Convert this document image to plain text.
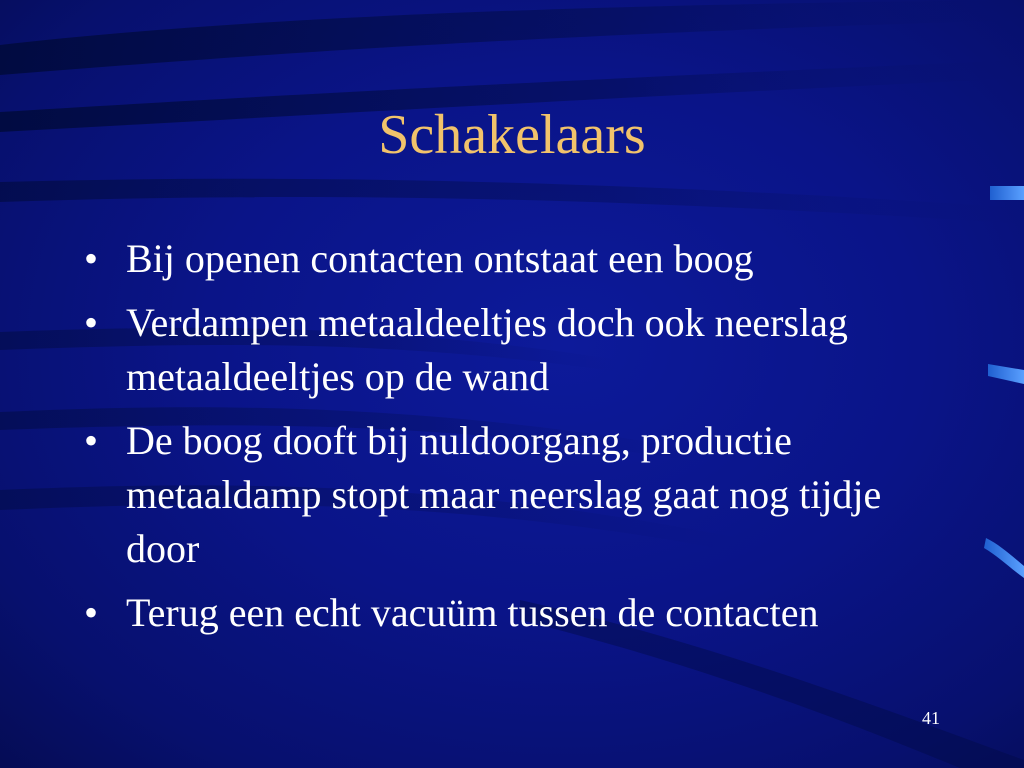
Schakelaars
• Bij openen contacten ontstaat een boog
• Verdampen metaaldeeltjes doch ook neerslag metaaldeeltjes op de wand
• De boog dooft bij nuldoorgang, productie metaaldamp stopt maar neerslag gaat nog tijdje door
• Terug een echt vacuüm tussen de contacten
41
